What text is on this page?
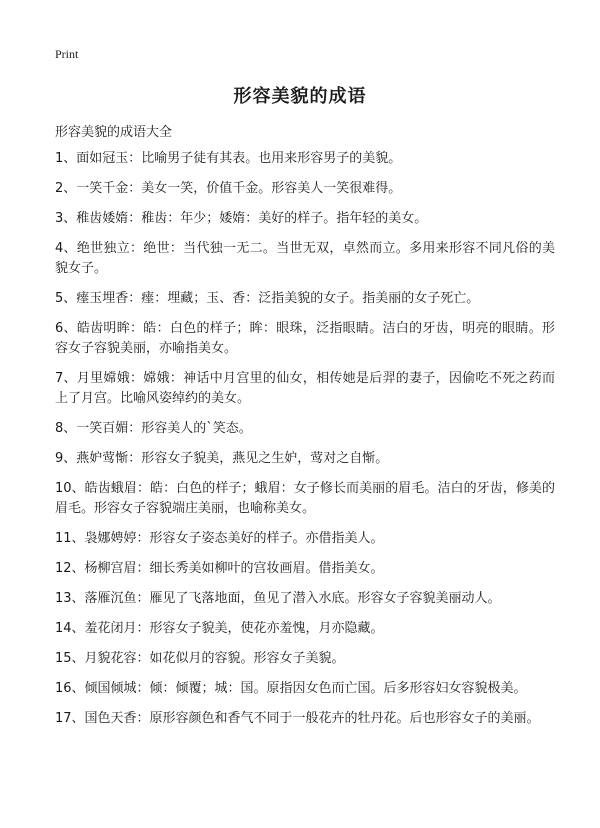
Print
形容美貌的成语
形容美貌的成语大全
1、面如冠玉：比喻男子徒有其表。也用来形容男子的美貌。
2、一笑千金：美女一笑，价值千金。形容美人一笑很难得。
3、稚齿婑媠：稚齿：年少；婑媠：美好的样子。指年轻的美女。
4、绝世独立：绝世：当代独一无二。当世无双，卓然而立。多用来形容不同凡俗的美貌女子。
5、瘗玉埋香：瘗：埋藏；玉、香：泛指美貌的女子。指美丽的女子死亡。
6、皓齿明眸：皓：白色的样子；眸：眼珠，泛指眼睛。洁白的牙齿，明亮的眼睛。形容女子容貌美丽，亦喻指美女。
7、月里嫦娥：嫦娥：神话中月宫里的仙女，相传她是后羿的妻子，因偷吃不死之药而上了月宫。比喻风姿绰约的美女。
8、一笑百媚：形容美人的`笑态。
9、燕妒莺惭：形容女子貌美，燕见之生妒，莺对之自惭。
10、皓齿蛾眉：皓：白色的样子；蛾眉：女子修长而美丽的眉毛。洁白的牙齿，修美的眉毛。形容女子容貌端庄美丽，也喻称美女。
11、袅娜娉婷：形容女子姿态美好的样子。亦借指美人。
12、杨柳宫眉：细长秀美如柳叶的宫妆画眉。借指美女。
13、落雁沉鱼：雁见了飞落地面，鱼见了潜入水底。形容女子容貌美丽动人。
14、羞花闭月：形容女子貌美，使花亦羞愧，月亦隐藏。
15、月貌花容：如花似月的容貌。形容女子美貌。
16、倾国倾城：倾：倾覆；城：国。原指因女色而亡国。后多形容妇女容貌极美。
17、国色天香：原形容颜色和香气不同于一般花卉的牡丹花。后也形容女子的美丽。
